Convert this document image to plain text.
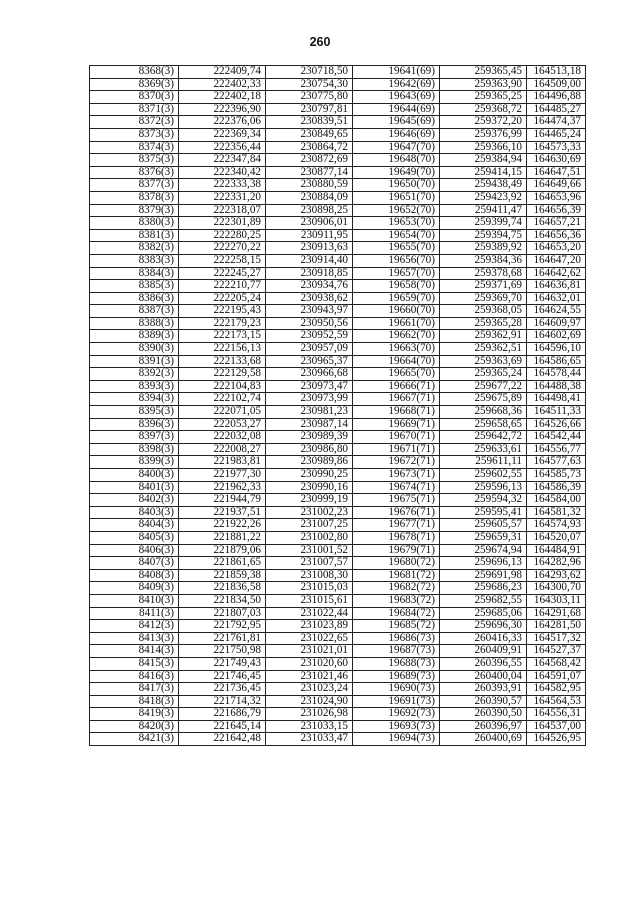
260
8368(3)	222409,74	230718,50	19641(69)	259365,45	164513,18
8369(3)	222402,33	230754,30	19642(69)	259363,90	164509,00
8370(3)	222402,18	230775,80	19643(69)	259365,25	164496,88
8371(3)	222396,90	230797,81	19644(69)	259368,72	164485,27
8372(3)	222376,06	230839,51	19645(69)	259372,20	164474,37
8373(3)	222369,34	230849,65	19646(69)	259376,99	164465,24
8374(3)	222356,44	230864,72	19647(70)	259366,10	164573,33
8375(3)	222347,84	230872,69	19648(70)	259384,94	164630,69
8376(3)	222340,42	230877,14	19649(70)	259414,15	164647,51
8377(3)	222333,38	230880,59	19650(70)	259438,49	164649,66
8378(3)	222331,20	230884,09	19651(70)	259423,92	164653,96
8379(3)	222318,07	230898,25	19652(70)	259411,47	164656,39
8380(3)	222301,89	230906,01	19653(70)	259399,74	164657,21
8381(3)	222280,25	230911,95	19654(70)	259394,75	164656,36
8382(3)	222270,22	230913,63	19655(70)	259389,92	164653,20
8383(3)	222258,15	230914,40	19656(70)	259384,36	164647,20
8384(3)	222245,27	230918,85	19657(70)	259378,68	164642,62
8385(3)	222210,77	230934,76	19658(70)	259371,69	164636,81
8386(3)	222205,24	230938,62	19659(70)	259369,70	164632,01
8387(3)	222195,43	230943,97	19660(70)	259368,05	164624,55
8388(3)	222179,23	230950,56	19661(70)	259365,28	164609,97
8389(3)	222173,15	230952,59	19662(70)	259362,91	164602,69
8390(3)	222156,13	230957,09	19663(70)	259362,51	164596,10
8391(3)	222133,68	230965,37	19664(70)	259363,69	164586,65
8392(3)	222129,58	230966,68	19665(70)	259365,24	164578,44
8393(3)	222104,83	230973,47	19666(71)	259677,22	164488,38
8394(3)	222102,74	230973,99	19667(71)	259675,89	164498,41
8395(3)	222071,05	230981,23	19668(71)	259668,36	164511,33
8396(3)	222053,27	230987,14	19669(71)	259658,65	164526,66
8397(3)	222032,08	230989,39	19670(71)	259642,72	164542,44
8398(3)	222008,27	230986,80	19671(71)	259633,61	164556,77
8399(3)	221983,81	230989,86	19672(71)	259611,11	164577,63
8400(3)	221977,30	230990,25	19673(71)	259602,55	164585,73
8401(3)	221962,33	230990,16	19674(71)	259596,13	164586,39
8402(3)	221944,79	230999,19	19675(71)	259594,32	164584,00
8403(3)	221937,51	231002,23	19676(71)	259595,41	164581,32
8404(3)	221922,26	231007,25	19677(71)	259605,57	164574,93
8405(3)	221881,22	231002,80	19678(71)	259659,31	164520,07
8406(3)	221879,06	231001,52	19679(71)	259674,94	164484,91
8407(3)	221861,65	231007,57	19680(72)	259696,13	164282,96
8408(3)	221859,38	231008,30	19681(72)	259691,98	164293,62
8409(3)	221836,58	231015,03	19682(72)	259686,23	164300,70
8410(3)	221834,50	231015,61	19683(72)	259682,55	164303,11
8411(3)	221807,03	231022,44	19684(72)	259685,06	164291,68
8412(3)	221792,95	231023,89	19685(72)	259696,30	164281,50
8413(3)	221761,81	231022,65	19686(73)	260416,33	164517,32
8414(3)	221750,98	231021,01	19687(73)	260409,91	164527,37
8415(3)	221749,43	231020,60	19688(73)	260396,55	164568,42
8416(3)	221746,45	231021,46	19689(73)	260400,04	164591,07
8417(3)	221736,45	231023,24	19690(73)	260393,91	164582,95
8418(3)	221714,32	231024,90	19691(73)	260390,57	164564,53
8419(3)	221686,79	231026,98	19692(73)	260390,50	164556,31
8420(3)	221645,14	231033,15	19693(73)	260396,97	164537,00
8421(3)	221642,48	231033,47	19694(73)	260400,69	164526,95
